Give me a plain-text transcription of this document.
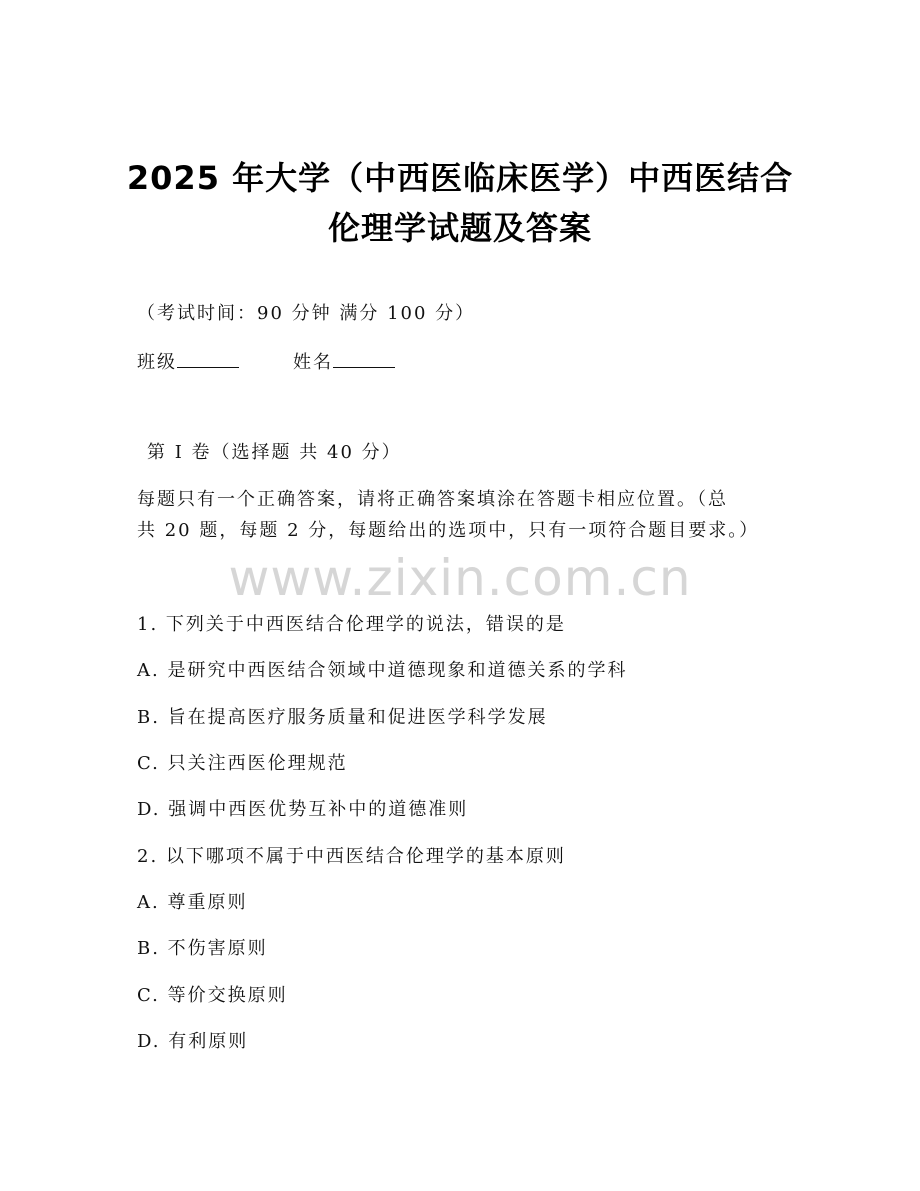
2025 年大学（中西医临床医学）中西医结合
伦理学试题及答案
（考试时间：90 分钟 满分 100 分）
班级	姓名
第 I 卷（选择题 共 40 分）
每题只有一个正确答案，请将正确答案填涂在答题卡相应位置。（总
共 20 题，每题 2 分，每题给出的选项中，只有一项符合题目要求。）
www.zixin.com.cn
1. 下列关于中西医结合伦理学的说法，错误的是
A. 是研究中西医结合领域中道德现象和道德关系的学科
B. 旨在提高医疗服务质量和促进医学科学发展
C. 只关注西医伦理规范
D. 强调中西医优势互补中的道德准则
2. 以下哪项不属于中西医结合伦理学的基本原则
A. 尊重原则
B. 不伤害原则
C. 等价交换原则
D. 有利原则
